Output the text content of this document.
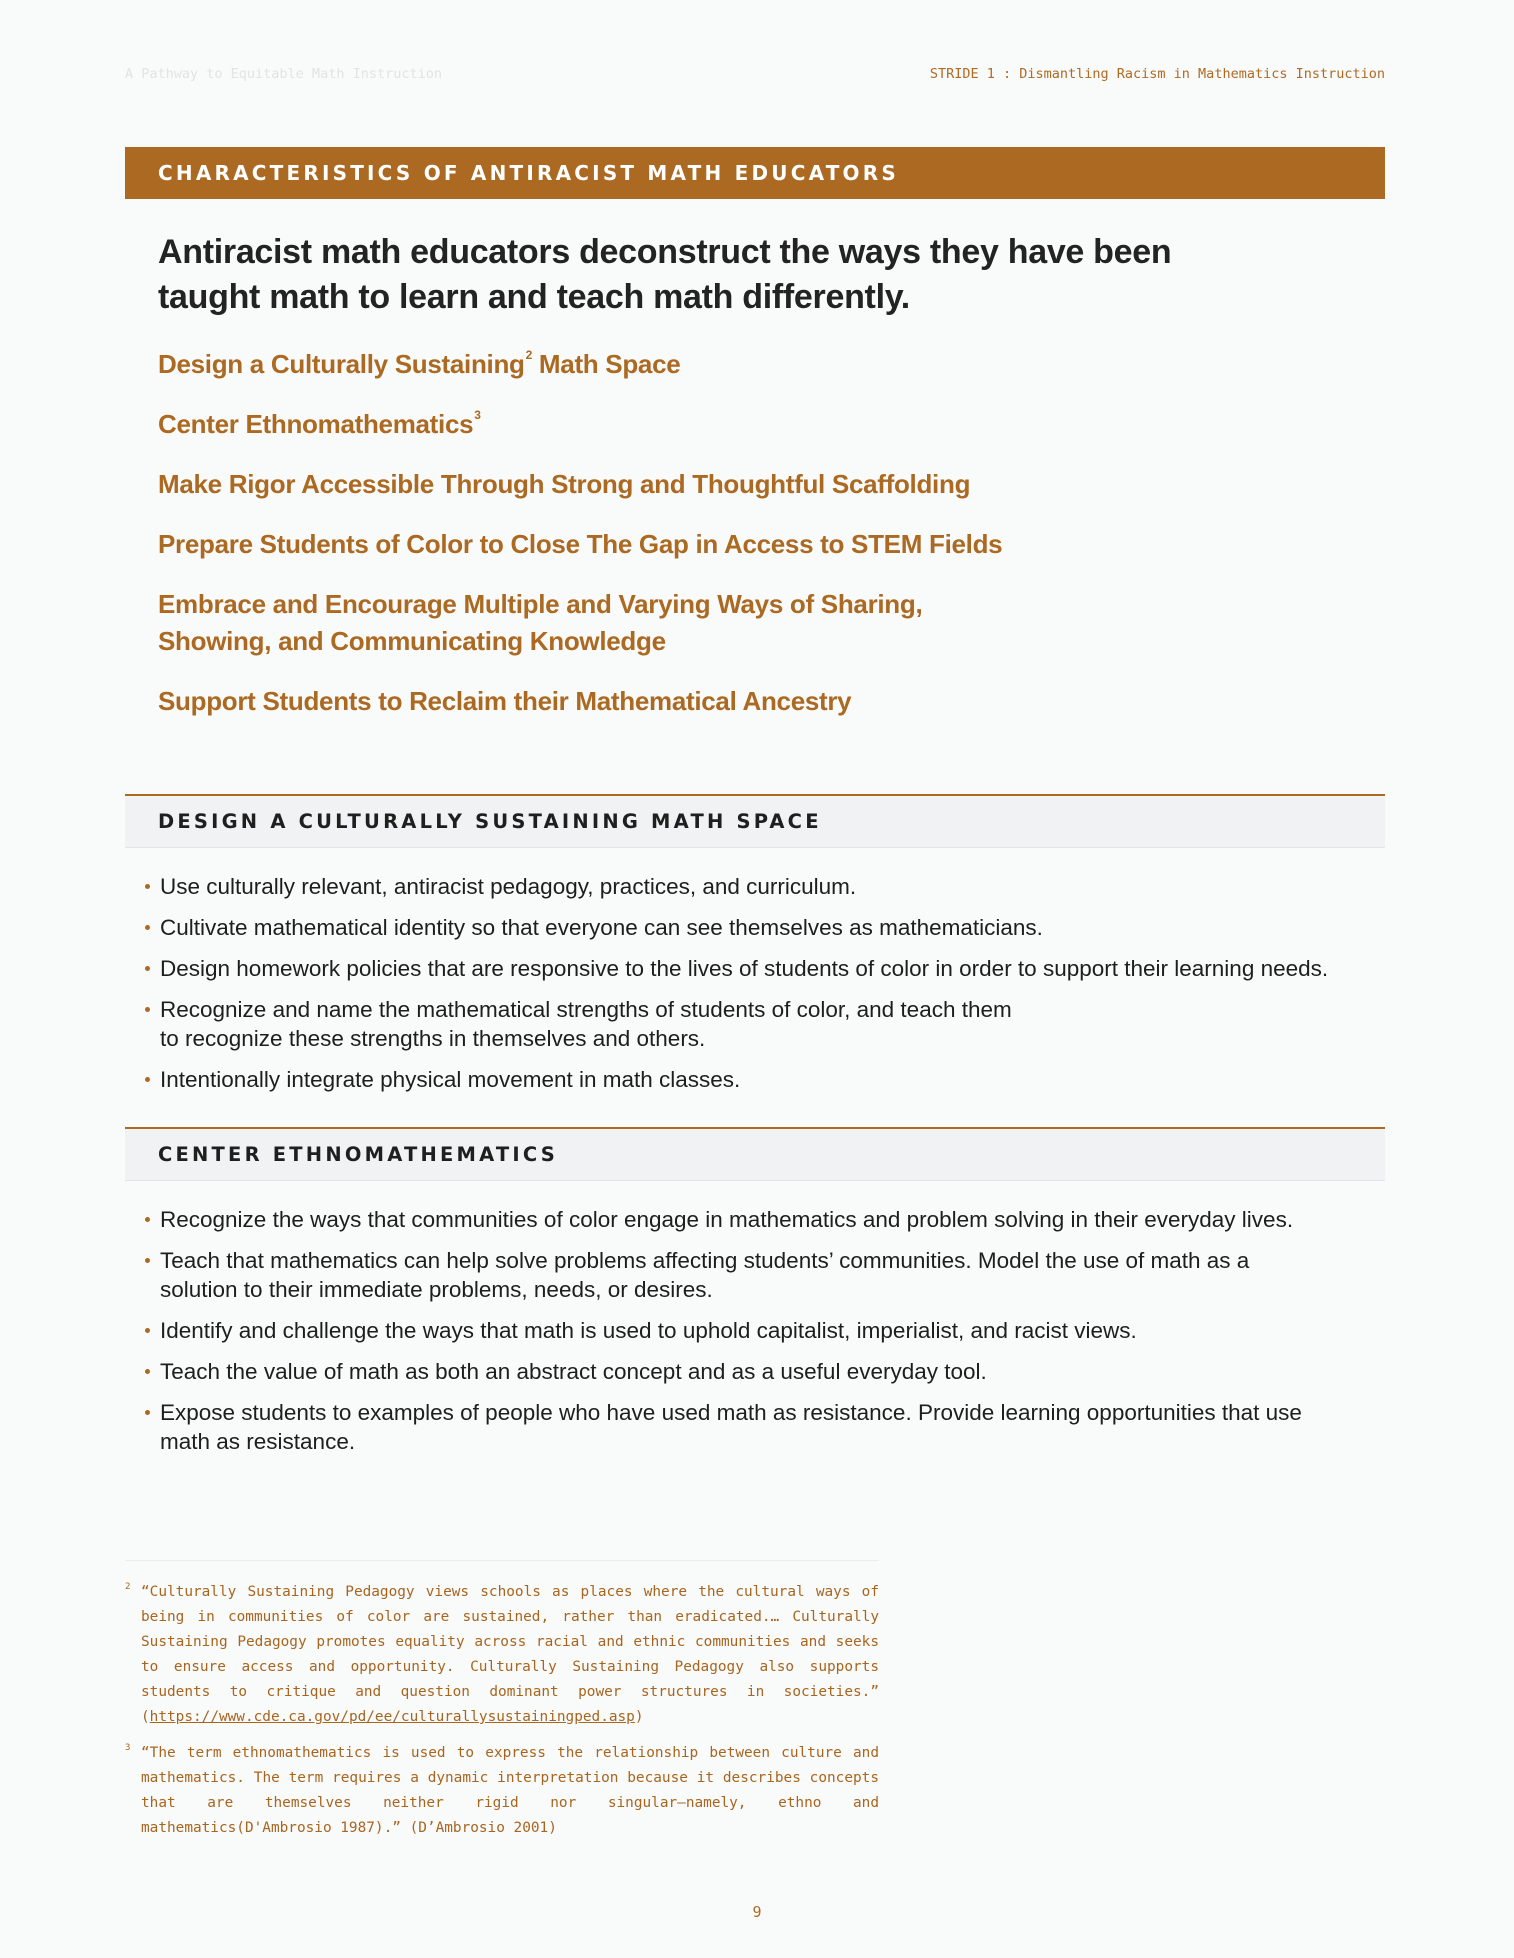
A Pathway to Equitable Math Instruction	STRIDE 1 : Dismantling Racism in Mathematics Instruction
CHARACTERISTICS OF ANTIRACIST MATH EDUCATORS

Antiracist math educators deconstruct the ways they have been
taught math to learn and teach math differently.

Design a Culturally Sustaining$^2$ Math Space
Center Ethnomathematics$^3$
Make Rigor Accessible Through Strong and Thoughtful Scaffolding
Prepare Students of Color to Close The Gap in Access to STEM Fields
Embrace and Encourage Multiple and Varying Ways of Sharing,
Showing, and Communicating Knowledge
Support Students to Reclaim their Mathematical Ancestry
DESIGN A CULTURALLY SUSTAINING MATH SPACE
Use culturally relevant, antiracist pedagogy, practices, and curriculum.
Cultivate mathematical identity so that everyone can see themselves as mathematicians.
Design homework policies that are responsive to the lives of students of color in order to support their learning needs.
Recognize and name the mathematical strengths of students of color, and teach them
to recognize these strengths in themselves and others.
Intentionally integrate physical movement in math classes.
CENTER ETHNOMATHEMATICS
Recognize the ways that communities of color engage in mathematics and problem solving in their everyday lives.
Teach that mathematics can help solve problems affecting students’ communities. Model the use of math as a
solution to their immediate problems, needs, or desires.
Identify and challenge the ways that math is used to uphold capitalist, imperialist, and racist views.
Teach the value of math as both an abstract concept and as a useful everyday tool.
Expose students to examples of people who have used math as resistance. Provide learning opportunities that use
math as resistance.
2 “Culturally Sustaining Pedagogy views schools as places where the cultural ways of being in communities of color are sustained, rather than eradicated.… Culturally Sustaining Pedagogy promotes equality across racial and ethnic communities and seeks to ensure access and opportunity. Culturally Sustaining Pedagogy also supports students to critique and question dominant power structures in societies.” (https://www.cde.ca.gov/pd/ee/culturallysustainingped.asp)
3 “The term ethnomathematics is used to express the relationship between culture and mathematics. The term requires a dynamic interpretation because it describes concepts that are themselves neither rigid nor singular—namely, ethno and mathematics(D'Ambrosio 1987).” (D’Ambrosio 2001)
9
